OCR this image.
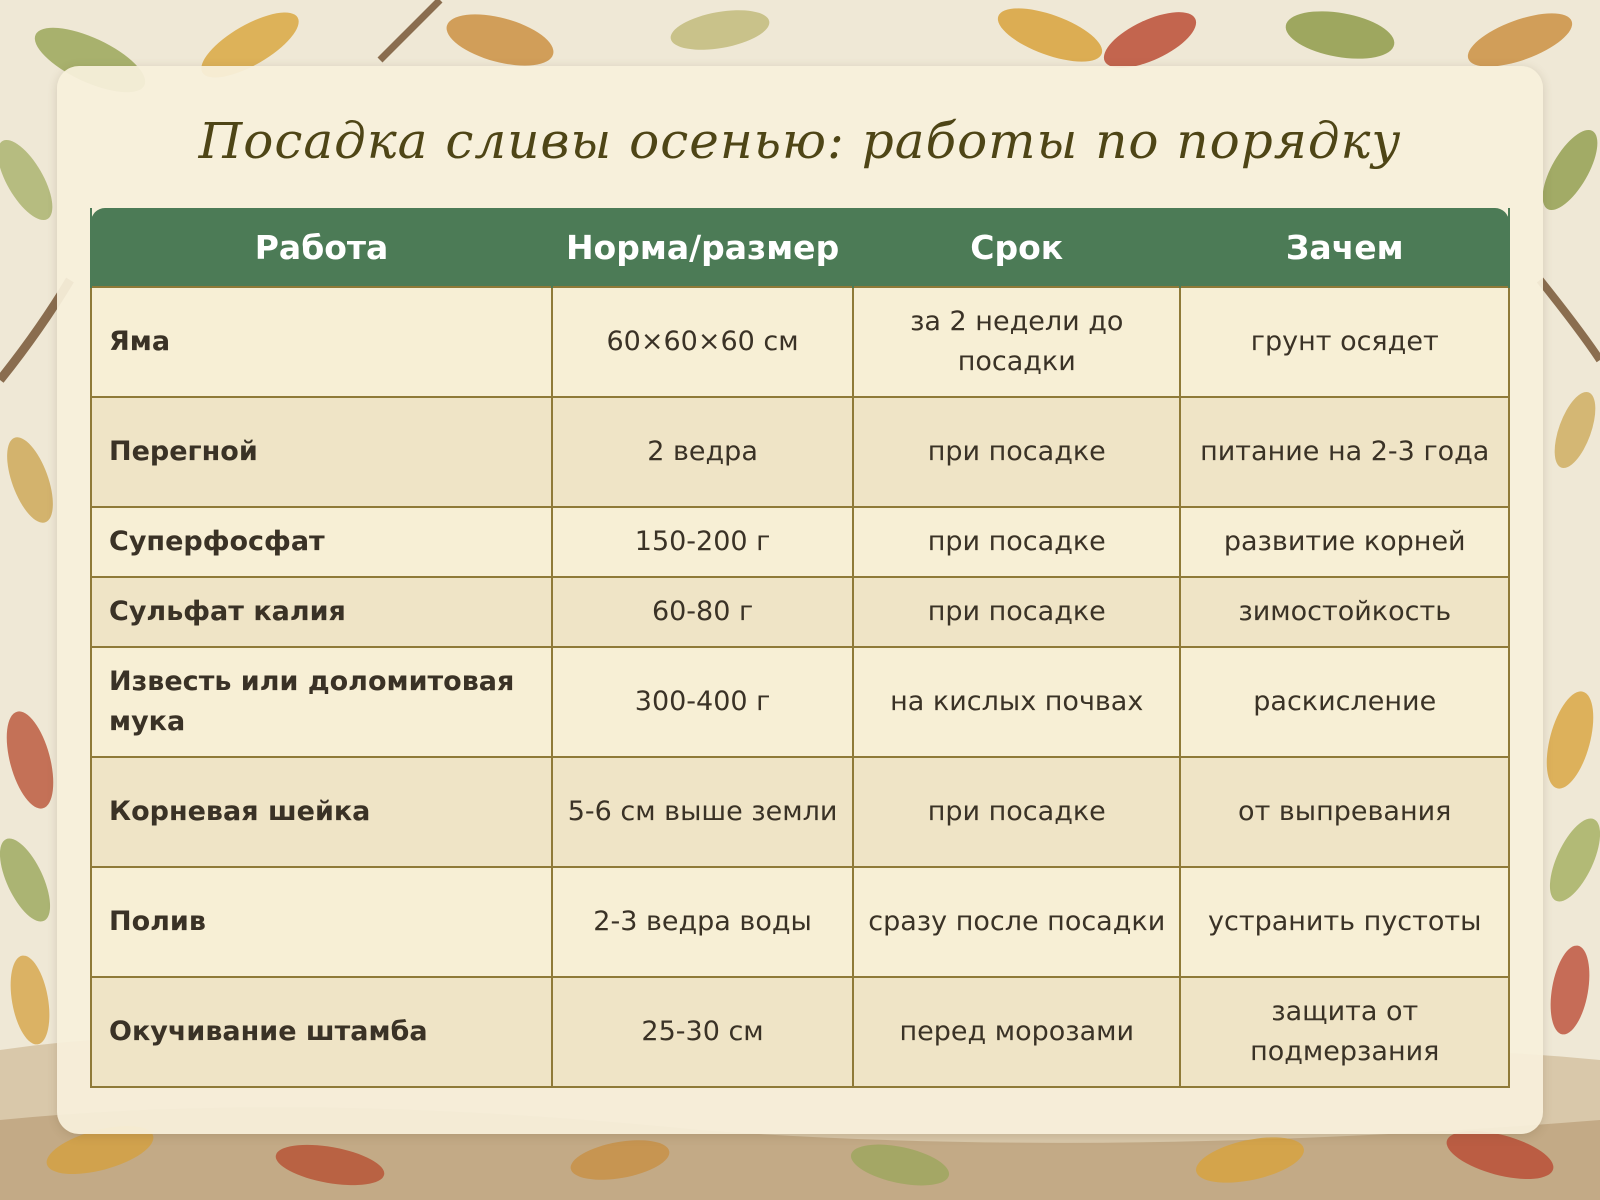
Посадка сливы осенью: работы по порядку
Работа	Норма/размер	Срок	Зачем
Яма	60×60×60 см	за 2 недели до посадки	грунт осядет
Перегной	2 ведра	при посадке	питание на 2-3 года
Суперфосфат	150-200 г	при посадке	развитие корней
Сульфат калия	60-80 г	при посадке	зимостойкость
Известь или доломитовая мука	300-400 г	на кислых почвах	раскисление
Корневая шейка	5-6 см выше земли	при посадке	от выпревания
Полив	2-3 ведра воды	сразу после посадки	устранить пустоты
Окучивание штамба	25-30 см	перед морозами	защита от подмерзания
